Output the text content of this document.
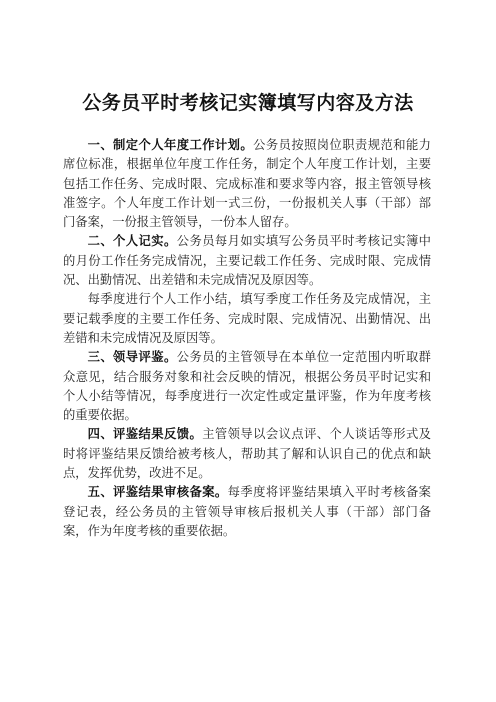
公务员平时考核记实簿填写内容及方法

一、制定个人年度工作计划。公务员按照岗位职责规范和能力席位标准，根据单位年度工作任务，制定个人年度工作计划，主要包括工作任务、完成时限、完成标准和要求等内容，报主管领导核准签字。个人年度工作计划一式三份，一份报机关人事（干部）部门备案，一份报主管领导，一份本人留存。

二、个人记实。公务员每月如实填写公务员平时考核记实簿中的月份工作任务完成情况，主要记载工作任务、完成时限、完成情况、出勤情况、出差错和未完成情况及原因等。

每季度进行个人工作小结，填写季度工作任务及完成情况，主要记载季度的主要工作任务、完成时限、完成情况、出勤情况、出差错和未完成情况及原因等。

三、领导评鉴。公务员的主管领导在本单位一定范围内听取群众意见，结合服务对象和社会反映的情况，根据公务员平时记实和个人小结等情况，每季度进行一次定性或定量评鉴，作为年度考核的重要依据。

四、评鉴结果反馈。主管领导以会议点评、个人谈话等形式及时将评鉴结果反馈给被考核人，帮助其了解和认识自己的优点和缺点，发挥优势，改进不足。

五、评鉴结果审核备案。每季度将评鉴结果填入平时考核备案登记表，经公务员的主管领导审核后报机关人事（干部）部门备案，作为年度考核的重要依据。
